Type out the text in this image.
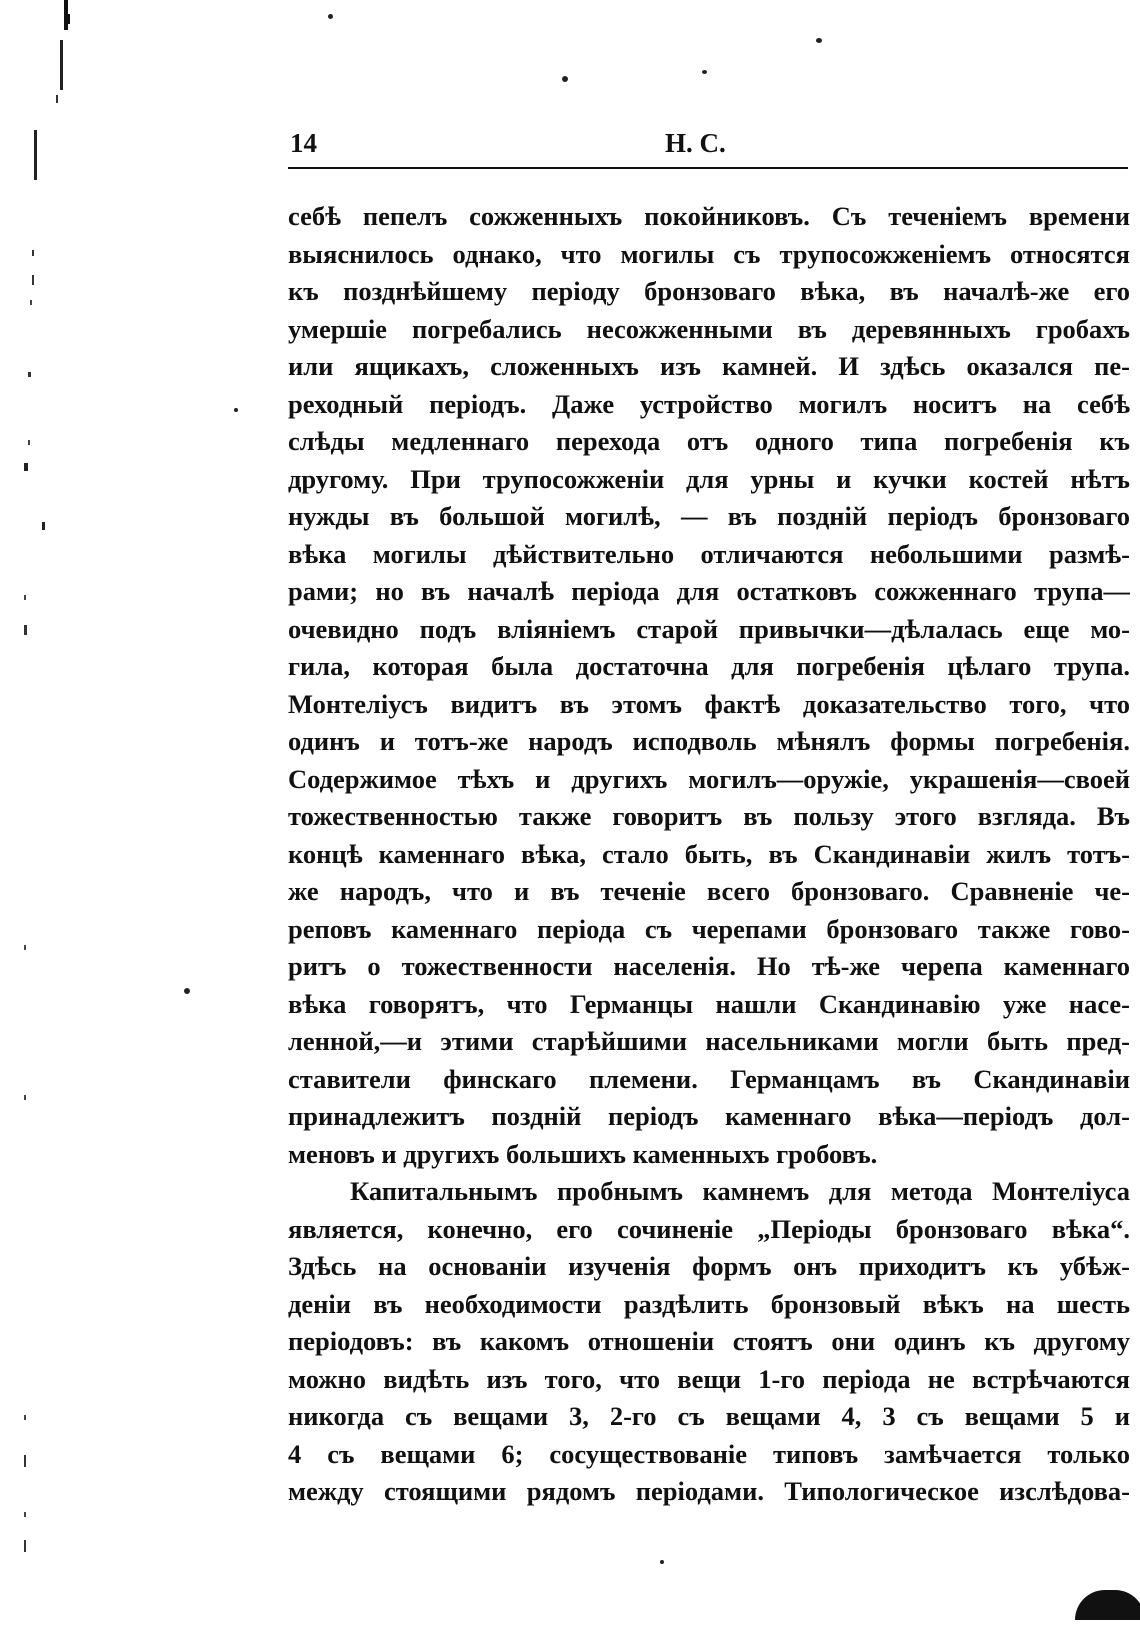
14	Н. С.
себѣ пепелъ сожженныхъ покойниковъ. Съ теченіемъ времени
выяснилось однако, что могилы съ трупосожженіемъ относятся
къ позднѣйшему періоду бронзоваго вѣка, въ началѣ-же его
умершіе погребались несожженными въ деревянныхъ гробахъ
или ящикахъ, сложенныхъ изъ камней. И здѣсь оказался пе-
реходный періодъ. Даже устройство могилъ носитъ на себѣ
слѣды медленнаго перехода отъ одного типа погребенія къ
другому. При трупосожженіи для урны и кучки костей нѣтъ
нужды въ большой могилѣ, — въ поздній періодъ бронзоваго
вѣка могилы дѣйствительно отличаются небольшими размѣ-
рами; но въ началѣ періода для остатковъ сожженнаго трупа—
очевидно подъ вліяніемъ старой привычки—дѣлалась еще мо-
гила, которая была достаточна для погребенія цѣлаго трупа.
Монтеліусъ видитъ въ этомъ фактѣ доказательство того, что
одинъ и тотъ-же народъ исподволь мѣнялъ формы погребенія.
Содержимое тѣхъ и другихъ могилъ—оружіе, украшенія—своей
тожественностью также говоритъ въ пользу этого взгляда. Въ
концѣ каменнаго вѣка, стало быть, въ Скандинавіи жилъ тотъ-
же народъ, что и въ теченіе всего бронзоваго. Сравненіе че-
реповъ каменнаго періода съ черепами бронзоваго также гово-
ритъ о тожественности населенія. Но тѣ-же черепа каменнаго
вѣка говорятъ, что Германцы нашли Скандинавію уже насе-
ленной,—и этими старѣйшими насельниками могли быть пред-
ставители финскаго племени. Германцамъ въ Скандинавіи
принадлежитъ поздній періодъ каменнаго вѣка—періодъ дол-
меновъ и другихъ большихъ каменныхъ гробовъ.
Капитальнымъ пробнымъ камнемъ для метода Монтеліуса
является, конечно, его сочиненіе „Періоды бронзоваго вѣка“.
Здѣсь на основаніи изученія формъ онъ приходитъ къ убѣж-
деніи въ необходимости раздѣлить бронзовый вѣкъ на шесть
періодовъ: въ какомъ отношеніи стоятъ они одинъ къ другому
можно видѣть изъ того, что вещи 1-го періода не встрѣчаются
никогда съ вещами 3, 2-го съ вещами 4, 3 съ вещами 5 и
4 съ вещами 6; сосуществованіе типовъ замѣчается только
между стоящими рядомъ періодами. Типологическое изслѣдова-
